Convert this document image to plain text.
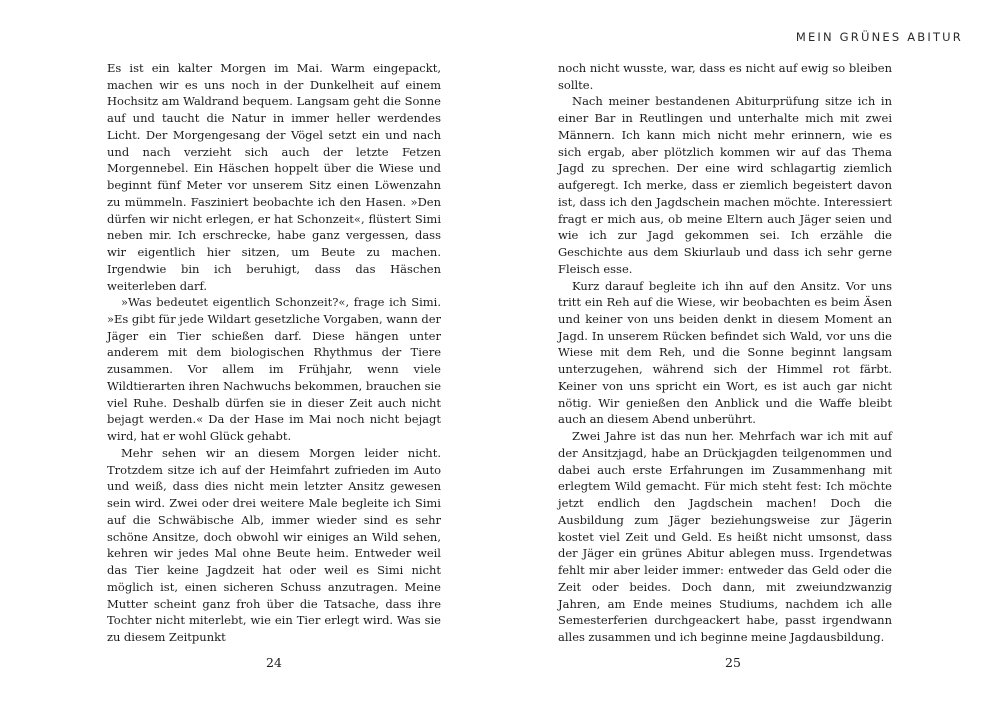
MEIN GRÜNES ABITUR

Es ist ein kalter Morgen im Mai. Warm eingepackt, machen wir es uns noch in der Dunkelheit auf einem Hochsitz am Waldrand bequem. Langsam geht die Sonne auf und taucht die Natur in immer heller werdendes Licht. Der Morgengesang der Vögel setzt ein und nach und nach verzieht sich auch der letzte Fetzen Morgennebel. Ein Häschen hoppelt über die Wiese und beginnt fünf Meter vor unserem Sitz einen Löwenzahn zu mümmeln. Fasziniert beobachte ich den Hasen. »Den dürfen wir nicht erlegen, er hat Schonzeit«, flüstert Simi neben mir. Ich erschrecke, habe ganz vergessen, dass wir eigentlich hier sitzen, um Beute zu machen. Irgendwie bin ich beruhigt, dass das Häschen weiterleben darf.

»Was bedeutet eigentlich Schonzeit?«, frage ich Simi. »Es gibt für jede Wildart gesetzliche Vorgaben, wann der Jäger ein Tier schießen darf. Diese hängen unter anderem mit dem biologischen Rhythmus der Tiere zusammen. Vor allem im Frühjahr, wenn viele Wildtierarten ihren Nachwuchs bekommen, brauchen sie viel Ruhe. Deshalb dürfen sie in dieser Zeit auch nicht bejagt werden.« Da der Hase im Mai noch nicht bejagt wird, hat er wohl Glück gehabt.

Mehr sehen wir an diesem Morgen leider nicht. Trotzdem sitze ich auf der Heimfahrt zufrieden im Auto und weiß, dass dies nicht mein letzter Ansitz gewesen sein wird. Zwei oder drei weitere Male begleite ich Simi auf die Schwäbische Alb, immer wieder sind es sehr schöne Ansitze, doch obwohl wir einiges an Wild sehen, kehren wir jedes Mal ohne Beute heim. Entweder weil das Tier keine Jagdzeit hat oder weil es Simi nicht möglich ist, einen sicheren Schuss anzutragen. Meine Mutter scheint ganz froh über die Tatsache, dass ihre Tochter nicht miterlebt, wie ein Tier erlegt wird. Was sie zu diesem Zeitpunkt

24

noch nicht wusste, war, dass es nicht auf ewig so bleiben sollte.

Nach meiner bestandenen Abiturprüfung sitze ich in einer Bar in Reutlingen und unterhalte mich mit zwei Männern. Ich kann mich nicht mehr erinnern, wie es sich ergab, aber plötzlich kommen wir auf das Thema Jagd zu sprechen. Der eine wird schlagartig ziemlich aufgeregt. Ich merke, dass er ziemlich begeistert davon ist, dass ich den Jagdschein machen möchte. Interessiert fragt er mich aus, ob meine Eltern auch Jäger seien und wie ich zur Jagd gekommen sei. Ich erzähle die Geschichte aus dem Skiurlaub und dass ich sehr gerne Fleisch esse.

Kurz darauf begleite ich ihn auf den Ansitz. Vor uns tritt ein Reh auf die Wiese, wir beobachten es beim Äsen und keiner von uns beiden denkt in diesem Moment an Jagd. In unserem Rücken befindet sich Wald, vor uns die Wiese mit dem Reh, und die Sonne beginnt langsam unterzugehen, während sich der Himmel rot färbt. Keiner von uns spricht ein Wort, es ist auch gar nicht nötig. Wir genießen den Anblick und die Waffe bleibt auch an diesem Abend unberührt.

Zwei Jahre ist das nun her. Mehrfach war ich mit auf der Ansitzjagd, habe an Drückjagden teilgenommen und dabei auch erste Erfahrungen im Zusammenhang mit erlegtem Wild gemacht. Für mich steht fest: Ich möchte jetzt endlich den Jagdschein machen! Doch die Ausbildung zum Jäger beziehungsweise zur Jägerin kostet viel Zeit und Geld. Es heißt nicht umsonst, dass der Jäger ein grünes Abitur ablegen muss. Irgendetwas fehlt mir aber leider immer: entweder das Geld oder die Zeit oder beides. Doch dann, mit zweiundzwanzig Jahren, am Ende meines Studiums, nachdem ich alle Semesterferien durchgeackert habe, passt irgendwann alles zusammen und ich beginne meine Jagdausbildung.

25
